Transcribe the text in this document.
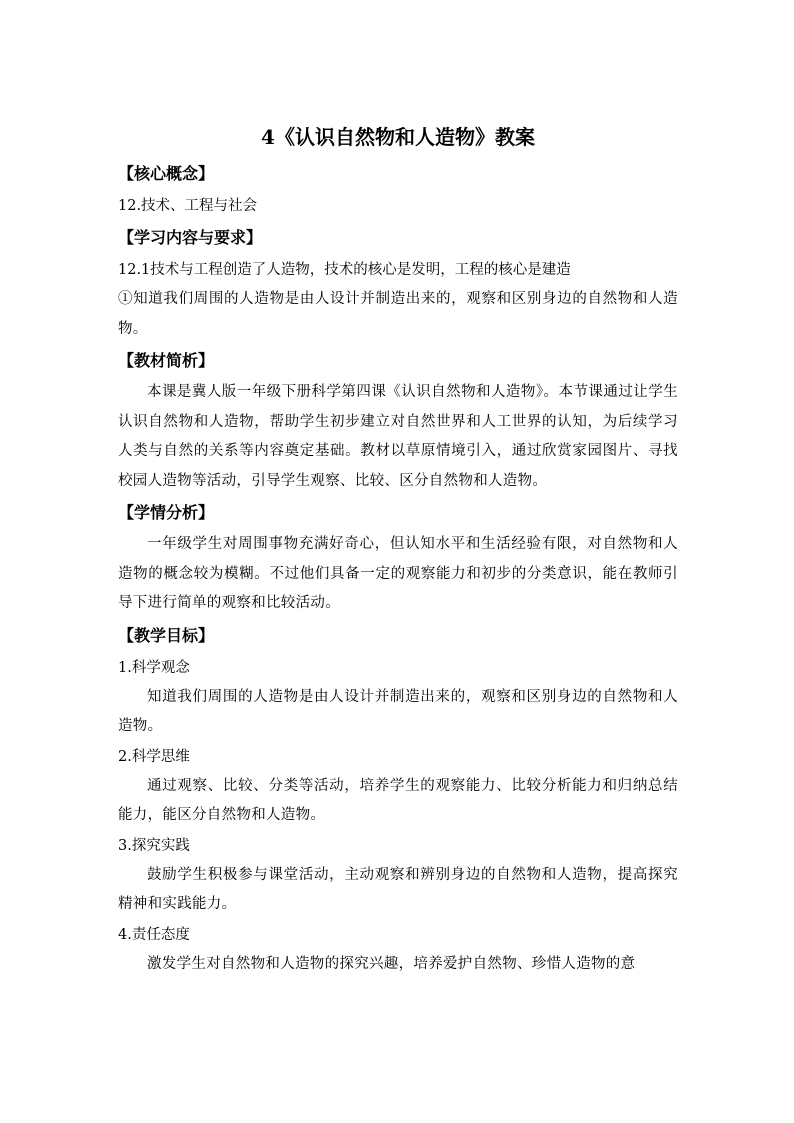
4《认识自然物和人造物》教案
【核心概念】

12.技术、工程与社会

【学习内容与要求】

12.1技术与工程创造了人造物，技术的核心是发明，工程的核心是建造

①知道我们周围的人造物是由人设计并制造出来的，观察和区别身边的自然物和人造物。

【教材简析】

本课是冀人版一年级下册科学第四课《认识自然物和人造物》。本节课通过让学生认识自然物和人造物，帮助学生初步建立对自然世界和人工世界的认知，为后续学习人类与自然的关系等内容奠定基础。教材以草原情境引入，通过欣赏家园图片、寻找校园人造物等活动，引导学生观察、比较、区分自然物和人造物。

【学情分析】

一年级学生对周围事物充满好奇心，但认知水平和生活经验有限，对自然物和人造物的概念较为模糊。不过他们具备一定的观察能力和初步的分类意识，能在教师引导下进行简单的观察和比较活动。

【教学目标】

1.科学观念

知道我们周围的人造物是由人设计并制造出来的，观察和区别身边的自然物和人造物。

2.科学思维

通过观察、比较、分类等活动，培养学生的观察能力、比较分析能力和归纳总结能力，能区分自然物和人造物。

3.探究实践

鼓励学生积极参与课堂活动，主动观察和辨别身边的自然物和人造物，提高探究精神和实践能力。

4.责任态度

激发学生对自然物和人造物的探究兴趣，培养爱护自然物、珍惜人造物的意
